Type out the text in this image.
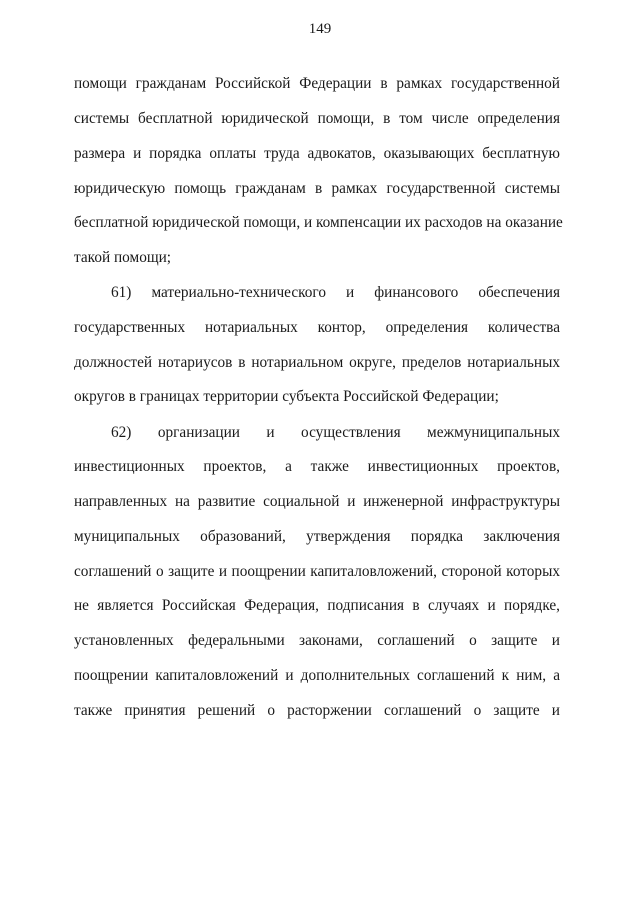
149
помощи гражданам Российской Федерации в рамках государственной
системы бесплатной юридической помощи, в том числе определения
размера и порядка оплаты труда адвокатов, оказывающих бесплатную
юридическую помощь гражданам в рамках государственной системы
бесплатной юридической помощи, и компенсации их расходов на оказание
такой помощи;
61) материально-технического и финансового обеспечения
государственных нотариальных контор, определения количества
должностей нотариусов в нотариальном округе, пределов нотариальных
округов в границах территории субъекта Российской Федерации;
62) организации и осуществления межмуниципальных
инвестиционных проектов, а также инвестиционных проектов,
направленных на развитие социальной и инженерной инфраструктуры
муниципальных образований, утверждения порядка заключения
соглашений о защите и поощрении капиталовложений, стороной которых
не является Российская Федерация, подписания в случаях и порядке,
установленных федеральными законами, соглашений о защите и
поощрении капиталовложений и дополнительных соглашений к ним, а
также принятия решений о расторжении соглашений о защите и
